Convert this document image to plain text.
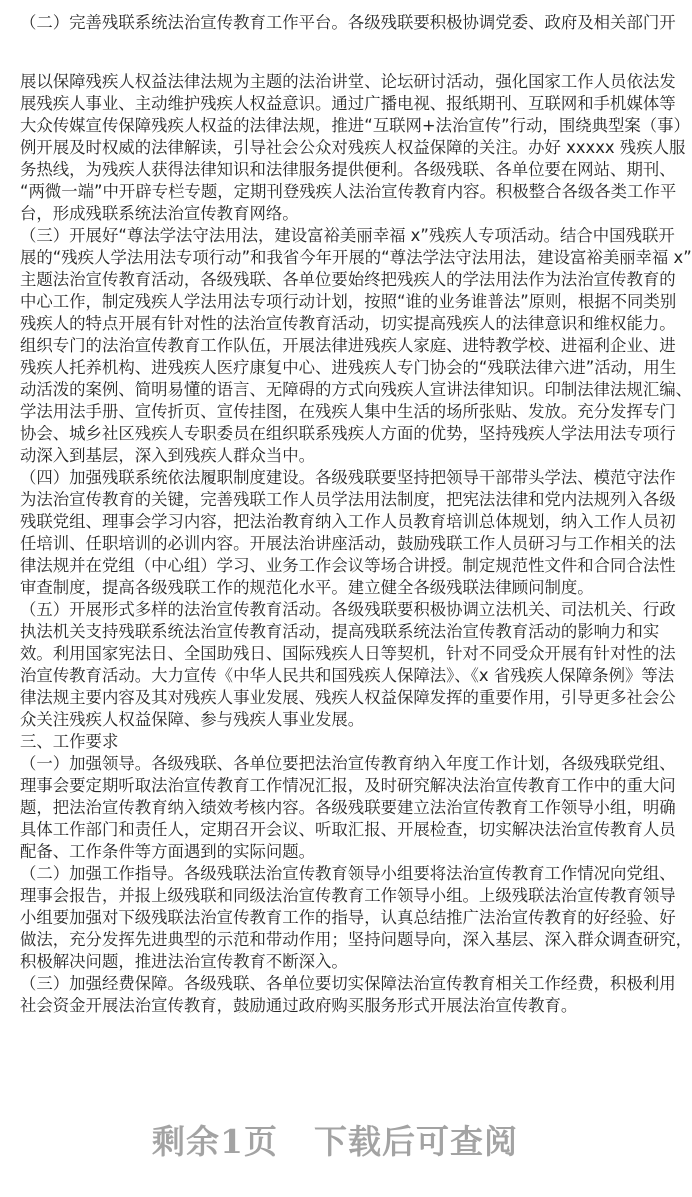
（二）完善残联系统法治宣传教育工作平台。各级残联要积极协调党委、政府及相关部门开
展以保障残疾人权益法律法规为主题的法治讲堂、论坛研讨活动，强化国家工作人员依法发
展残疾人事业、主动维护残疾人权益意识。通过广播电视、报纸期刊、互联网和手机媒体等
大众传媒宣传保障残疾人权益的法律法规，推进“互联网+法治宣传”行动，围绕典型案（事）
例开展及时权威的法律解读，引导社会公众对残疾人权益保障的关注。办好 xxxxx 残疾人服
务热线，为残疾人获得法律知识和法律服务提供便利。各级残联、各单位要在网站、期刊、
“两微一端”中开辟专栏专题，定期刊登残疾人法治宣传教育内容。积极整合各级各类工作平
台，形成残联系统法治宣传教育网络。
（三）开展好“尊法学法守法用法，建设富裕美丽幸福 x”残疾人专项活动。结合中国残联开
展的“残疾人学法用法专项行动”和我省今年开展的“尊法学法守法用法，建设富裕美丽幸福 x”
主题法治宣传教育活动，各级残联、各单位要始终把残疾人的学法用法作为法治宣传教育的
中心工作，制定残疾人学法用法专项行动计划，按照“谁的业务谁普法”原则，根据不同类别
残疾人的特点开展有针对性的法治宣传教育活动，切实提高残疾人的法律意识和维权能力。
组织专门的法治宣传教育工作队伍，开展法律进残疾人家庭、进特教学校、进福利企业、进
残疾人托养机构、进残疾人医疗康复中心、进残疾人专门协会的“残联法律六进”活动，用生
动活泼的案例、简明易懂的语言、无障碍的方式向残疾人宣讲法律知识。印制法律法规汇编、
学法用法手册、宣传折页、宣传挂图，在残疾人集中生活的场所张贴、发放。充分发挥专门
协会、城乡社区残疾人专职委员在组织联系残疾人方面的优势，坚持残疾人学法用法专项行
动深入到基层，深入到残疾人群众当中。
（四）加强残联系统依法履职制度建设。各级残联要坚持把领导干部带头学法、模范守法作
为法治宣传教育的关键，完善残联工作人员学法用法制度，把宪法法律和党内法规列入各级
残联党组、理事会学习内容，把法治教育纳入工作人员教育培训总体规划，纳入工作人员初
任培训、任职培训的必训内容。开展法治讲座活动，鼓励残联工作人员研习与工作相关的法
律法规并在党组（中心组）学习、业务工作会议等场合讲授。制定规范性文件和合同合法性
审查制度，提高各级残联工作的规范化水平。建立健全各级残联法律顾问制度。
（五）开展形式多样的法治宣传教育活动。各级残联要积极协调立法机关、司法机关、行政
执法机关支持残联系统法治宣传教育活动，提高残联系统法治宣传教育活动的影响力和实
效。利用国家宪法日、全国助残日、国际残疾人日等契机，针对不同受众开展有针对性的法
治宣传教育活动。大力宣传《中华人民共和国残疾人保障法》、《x 省残疾人保障条例》等法
律法规主要内容及其对残疾人事业发展、残疾人权益保障发挥的重要作用，引导更多社会公
众关注残疾人权益保障、参与残疾人事业发展。
三、工作要求
（一）加强领导。各级残联、各单位要把法治宣传教育纳入年度工作计划，各级残联党组、
理事会要定期听取法治宣传教育工作情况汇报，及时研究解决法治宣传教育工作中的重大问
题，把法治宣传教育纳入绩效考核内容。各级残联要建立法治宣传教育工作领导小组，明确
具体工作部门和责任人，定期召开会议、听取汇报、开展检查，切实解决法治宣传教育人员
配备、工作条件等方面遇到的实际问题。
（二）加强工作指导。各级残联法治宣传教育领导小组要将法治宣传教育工作情况向党组、
理事会报告，并报上级残联和同级法治宣传教育工作领导小组。上级残联法治宣传教育领导
小组要加强对下级残联法治宣传教育工作的指导，认真总结推广法治宣传教育的好经验、好
做法，充分发挥先进典型的示范和带动作用；坚持问题导向，深入基层、深入群众调查研究，
积极解决问题，推进法治宣传教育不断深入。
（三）加强经费保障。各级残联、各单位要切实保障法治宣传教育相关工作经费，积极利用
社会资金开展法治宣传教育，鼓励通过政府购买服务形式开展法治宣传教育。
剩余1页 下载后可查阅
